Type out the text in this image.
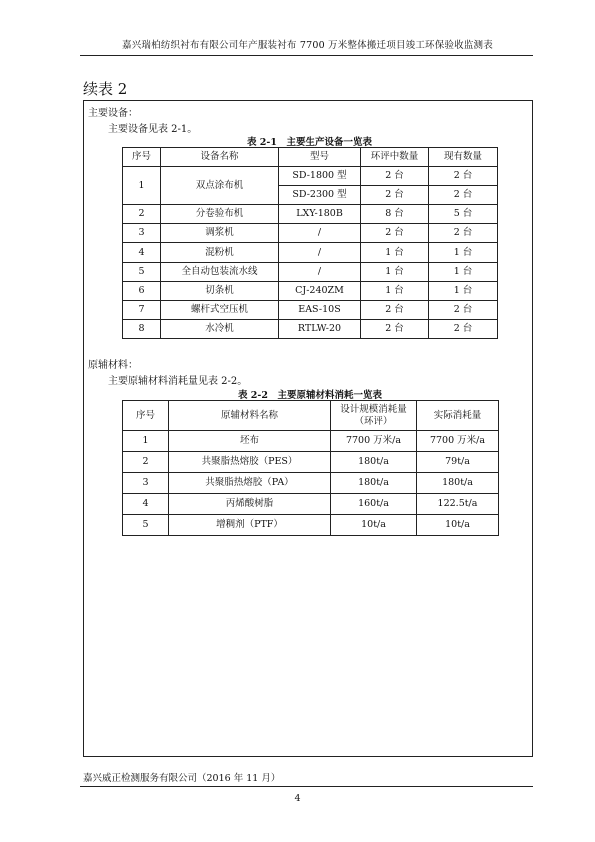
嘉兴瑞柏纺织衬布有限公司年产服装衬布 7700 万米整体搬迁项目竣工环保验收监测表
续表 2
主要设备：
主要设备见表 2-1。
表 2-1　主要生产设备一览表
序号	设备名称	型号	环评中数量	现有数量
1	双点涂布机	SD-1800 型	2 台	2 台
		SD-2300 型	2 台	2 台
2	分卷验布机	LXY-180B	8 台	5 台
3	调浆机	/	2 台	2 台
4	混粉机	/	1 台	1 台
5	全自动包装流水线	/	1 台	1 台
6	切条机	CJ-240ZM	1 台	1 台
7	螺杆式空压机	EAS-10S	2 台	2 台
8	水冷机	RTLW-20	2 台	2 台
原辅材料：
主要原辅材料消耗量见表 2-2。
表 2-2　主要原辅材料消耗一览表
序号	原辅材料名称	设计规模消耗量（环评）	实际消耗量
1	坯布	7700 万米/a	7700 万米/a
2	共聚脂热熔胶（PES）	180t/a	79t/a
3	共聚脂热熔胶（PA）	180t/a	180t/a
4	丙烯酸树脂	160t/a	122.5t/a
5	增稠剂（PTF）	10t/a	10t/a
嘉兴威正检测服务有限公司（2016 年 11 月）
4
